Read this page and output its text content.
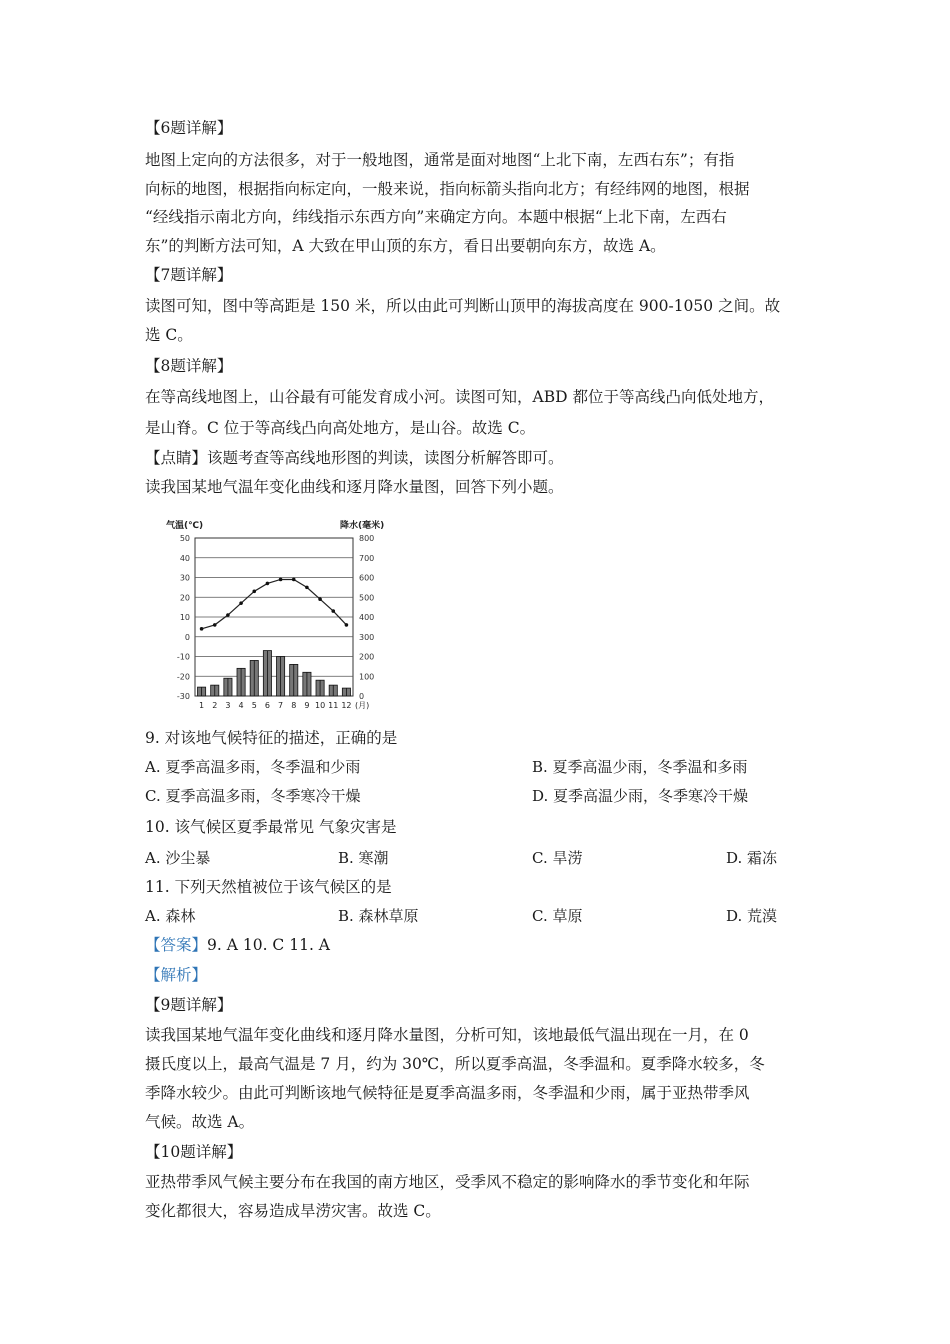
【6题详解】
地图上定向的方法很多，对于一般地图，通常是面对地图“上北下南，左西右东”；有指
向标的地图，根据指向标定向，一般来说，指向标箭头指向北方；有经纬网的地图，根据
“经线指示南北方向，纬线指示东西方向”来确定方向。本题中根据“上北下南，左西右
东”的判断方法可知，A 大致在甲山顶的东方，看日出要朝向东方，故选 A。
【7题详解】
读图可知，图中等高距是 150 米，所以由此可判断山顶甲的海拔高度在 900-1050 之间。故
选 C。
【8题详解】
在等高线地图上，山谷最有可能发育成小河。读图可知，ABD 都位于等高线凸向低处地方，
是山脊。C 位于等高线凸向高处地方，是山谷。故选 C。
【点睛】该题考查等高线地形图的判读，读图分析解答即可。
读我国某地气温年变化曲线和逐月降水量图，回答下列小题。
气温(℃)	降水(毫米)
50	800
40	700
30	600
20	500
10	400
0	300
-10	200
-20	100
-30	0
1 2 3 4 5 6 7 8 9 10 11 12 (月)
9. 对该地气候特征的描述，正确的是
A. 夏季高温多雨，冬季温和少雨	B. 夏季高温少雨，冬季温和多雨
C. 夏季高温多雨，冬季寒冷干燥	D. 夏季高温少雨，冬季寒冷干燥
10. 该气候区夏季最常见 气象灾害是
A. 沙尘暴	B. 寒潮	C. 旱涝	D. 霜冻
11. 下列天然植被位于该气候区的是
A. 森林	B. 森林草原	C. 草原	D. 荒漠
【答案】9. A 10. C 11. A
【解析】
【9题详解】
读我国某地气温年变化曲线和逐月降水量图，分析可知，该地最低气温出现在一月，在 0
摄氏度以上，最高气温是 7 月，约为 30℃，所以夏季高温，冬季温和。夏季降水较多，冬
季降水较少。由此可判断该地气候特征是夏季高温多雨，冬季温和少雨，属于亚热带季风
气候。故选 A。
【10题详解】
亚热带季风气候主要分布在我国的南方地区，受季风不稳定的影响降水的季节变化和年际
变化都很大，容易造成旱涝灾害。故选 C。
